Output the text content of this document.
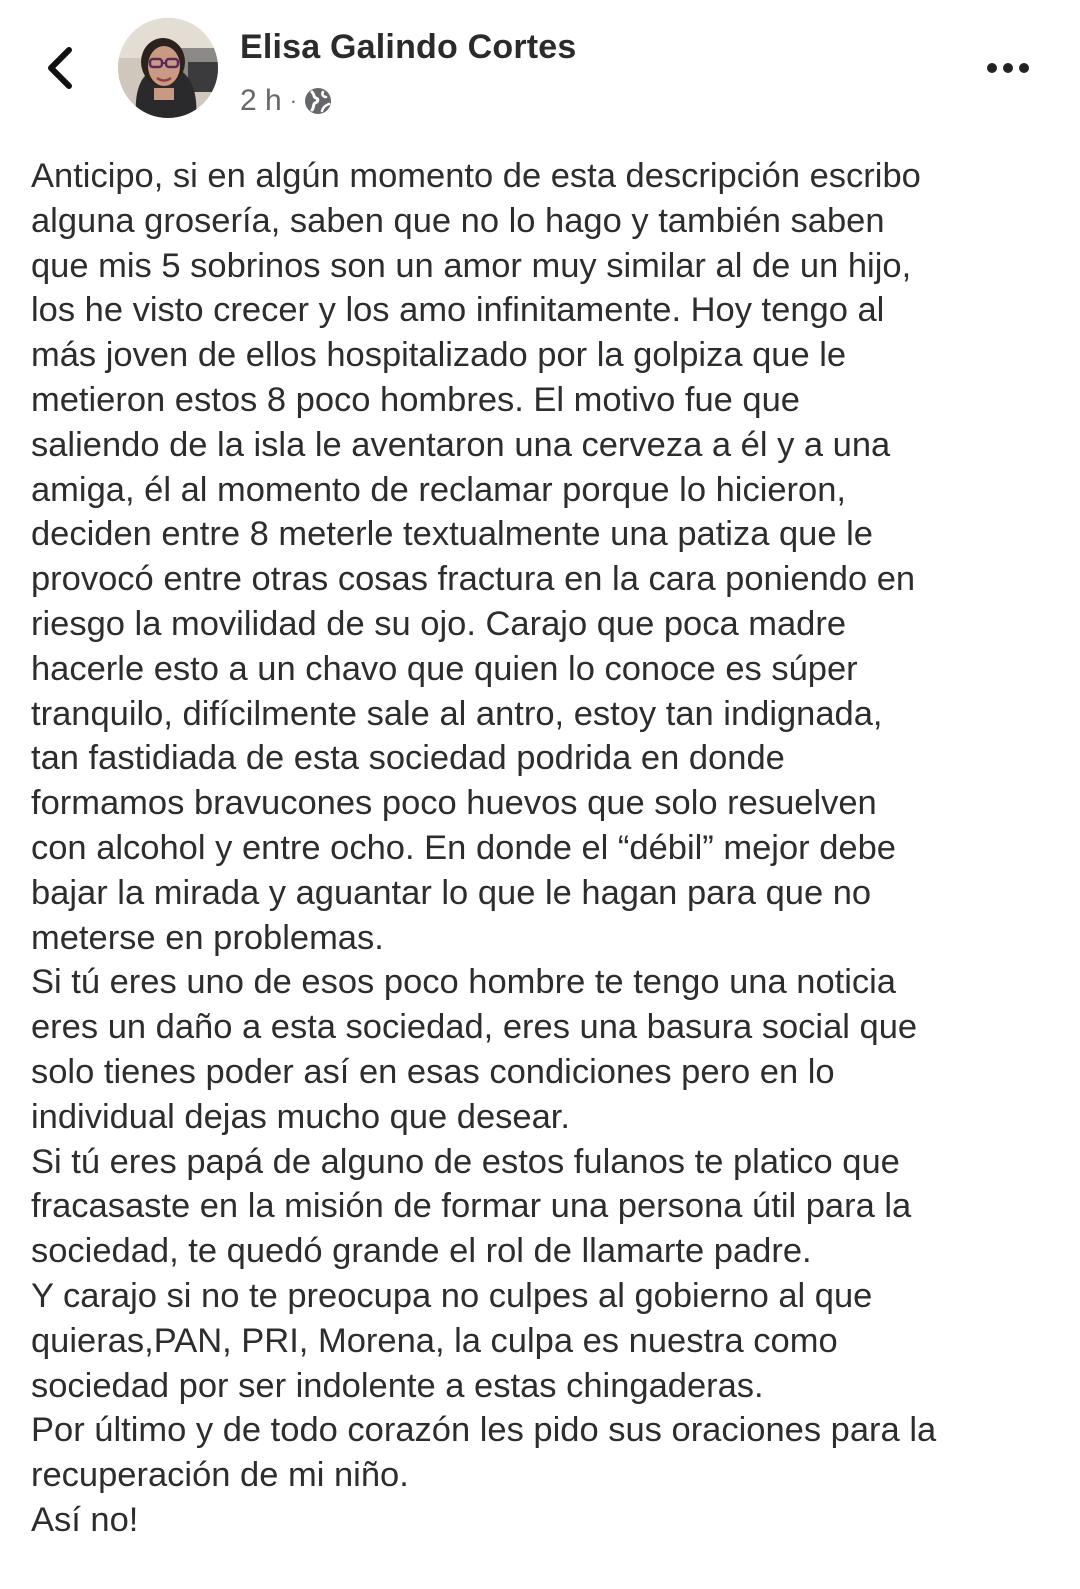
Elisa Galindo Cortes
2 h ·
Anticipo, si en algún momento de esta descripción escribo
alguna grosería, saben que no lo hago y también saben
que mis 5 sobrinos son un amor muy similar al de un hijo,
los he visto crecer y los amo infinitamente. Hoy tengo al
más joven de ellos hospitalizado por la golpiza que le
metieron estos 8 poco hombres. El motivo fue que
saliendo de la isla le aventaron una cerveza a él y a una
amiga, él al momento de reclamar porque lo hicieron,
deciden entre 8 meterle textualmente una patiza que le
provocó entre otras cosas fractura en la cara poniendo en
riesgo la movilidad de su ojo. Carajo que poca madre
hacerle esto a un chavo que quien lo conoce es súper
tranquilo, difícilmente sale al antro, estoy tan indignada,
tan fastidiada de esta sociedad podrida en donde
formamos bravucones poco huevos que solo resuelven
con alcohol y entre ocho. En donde el “débil” mejor debe
bajar la mirada y aguantar lo que le hagan para que no
meterse en problemas.
Si tú eres uno de esos poco hombre te tengo una noticia
eres un daño a esta sociedad, eres una basura social que
solo tienes poder así en esas condiciones pero en lo
individual dejas mucho que desear.
Si tú eres papá de alguno de estos fulanos te platico que
fracasaste en la misión de formar una persona útil para la
sociedad, te quedó grande el rol de llamarte padre.
Y carajo si no te preocupa no culpes al gobierno al que
quieras,PAN, PRI, Morena, la culpa es nuestra como
sociedad por ser indolente a estas chingaderas.
Por último y de todo corazón les pido sus oraciones para la
recuperación de mi niño.
Así no!
